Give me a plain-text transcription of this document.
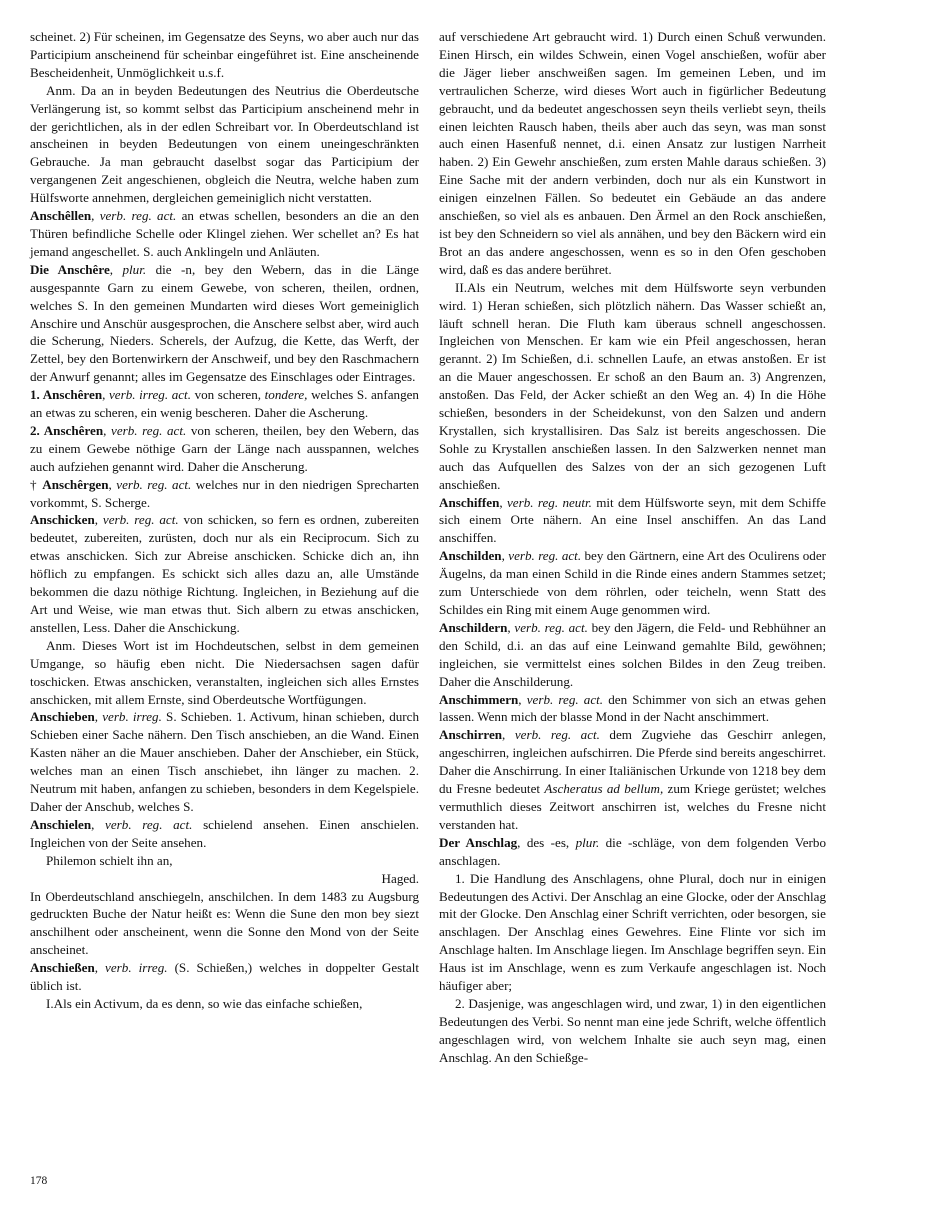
scheinet. 2) Für scheinen, im Gegensatze des Seyns, wo aber auch nur das Participium anscheinend für scheinbar eingeführet ist. Eine anscheinende Bescheidenheit, Unmöglichkeit u.s.f.

Anm. Da an in beyden Bedeutungen des Neutrius die Oberdeutsche Verlängerung ist, so kommt selbst das Participium anscheinend mehr in der gerichtlichen, als in der edlen Schreibart vor. In Oberdeutschland ist anscheinen in beyden Bedeutungen von einem uneingeschränkten Gebrauche. Ja man gebraucht daselbst sogar das Participium der vergangenen Zeit angeschienen, obgleich die Neutra, welche haben zum Hülfsworte annehmen, dergleichen gemeiniglich nicht verstatten.

Anschêllen, verb. reg. act. an etwas schellen, besonders an die an den Thüren befindliche Schelle oder Klingel ziehen. Wer schellet an? Es hat jemand angeschellet. S. auch Anklingeln und Anläuten.

Die Anschêre, plur. die -n, bey den Webern, das in die Länge ausgespannte Garn zu einem Gewebe, von scheren, theilen, ordnen, welches S. In den gemeinen Mundarten wird dieses Wort gemeiniglich Anschire und Anschür ausgesprochen, die Anschere selbst aber, wird auch die Scherung, Nieders. Scherels, der Aufzug, die Kette, das Werft, der Zettel, bey den Bortenwirkern der Anschweif, und bey den Raschmachern der Anwurf genannt; alles im Gegensatze des Einschlages oder Eintrages.

1. Anschêren, verb. irreg. act. von scheren, tondere, welches S. anfangen an etwas zu scheren, ein wenig bescheren. Daher die Ascherung.

2. Anschêren, verb. reg. act. von scheren, theilen, bey den Webern, das zu einem Gewebe nöthige Garn der Länge nach ausspannen, welches auch aufziehen genannt wird. Daher die Anscherung.

† Anschêrgen, verb. reg. act. welches nur in den niedrigen Sprecharten vorkommt, S. Scherge.

Anschicken, verb. reg. act. von schicken, so fern es ordnen, zubereiten bedeutet, zubereiten, zurüsten, doch nur als ein Reciprocum. Sich zu etwas anschicken. Sich zur Abreise anschicken. Schicke dich an, ihn höflich zu empfangen. Es schickt sich alles dazu an, alle Umstände bekommen die dazu nöthige Richtung. Ingleichen, in Beziehung auf die Art und Weise, wie man etwas thut. Sich albern zu etwas anschicken, anstellen, Less. Daher die Anschickung.

Anm. Dieses Wort ist im Hochdeutschen, selbst in dem gemeinen Umgange, so häufig eben nicht. Die Niedersachsen sagen dafür toschicken. Etwas anschicken, veranstalten, ingleichen sich alles Ernstes anschicken, mit allem Ernste, sind Oberdeutsche Wortfügungen.

Anschieben, verb. irreg. S. Schieben. 1. Activum, hinan schieben, durch Schieben einer Sache nähern. Den Tisch anschieben, an die Wand. Einen Kasten näher an die Mauer anschieben. Daher der Anschieber, ein Stück, welches man an einen Tisch anschiebet, ihn länger zu machen. 2. Neutrum mit haben, anfangen zu schieben, besonders in dem Kegelspiele. Daher der Anschub, welches S.

Anschielen, verb. reg. act. schielend ansehen. Einen anschielen. Ingleichen von der Seite ansehen.

Philemon schielt ihn an,

Haged.

In Oberdeutschland anschiegeln, anschilchen. In dem 1483 zu Augsburg gedruckten Buche der Natur heißt es: Wenn die Sune den mon bey siezt anschilhent oder anscheinent, wenn die Sonne den Mond von der Seite anscheinet.

Anschießen, verb. irreg. (S. Schießen,) welches in doppelter Gestalt üblich ist.

I.Als ein Activum, da es denn, so wie das einfache schießen,

auf verschiedene Art gebraucht wird. 1) Durch einen Schuß verwunden. Einen Hirsch, ein wildes Schwein, einen Vogel anschießen, wofür aber die Jäger lieber anschweißen sagen. Im gemeinen Leben, und im vertraulichen Scherze, wird dieses Wort auch in figürlicher Bedeutung gebraucht, und da bedeutet angeschossen seyn theils verliebt seyn, theils einen leichten Rausch haben, theils aber auch das seyn, was man sonst auch einen Hasenfuß nennet, d.i. einen Ansatz zur lustigen Narrheit haben. 2) Ein Gewehr anschießen, zum ersten Mahle daraus schießen. 3) Eine Sache mit der andern verbinden, doch nur als ein Kunstwort in einigen einzelnen Fällen. So bedeutet ein Gebäude an das andere anschießen, so viel als es anbauen. Den Ärmel an den Rock anschießen, ist bey den Schneidern so viel als annähen, und bey den Bäckern wird ein Brot an das andere angeschossen, wenn es so in den Ofen geschoben wird, daß es das andere berühret.

II.Als ein Neutrum, welches mit dem Hülfsworte seyn verbunden wird. 1) Heran schießen, sich plötzlich nähern. Das Wasser schießt an, läuft schnell heran. Die Fluth kam überaus schnell angeschossen. Ingleichen von Menschen. Er kam wie ein Pfeil angeschossen, heran gerannt. 2) Im Schießen, d.i. schnellen Laufe, an etwas anstoßen. Er ist an die Mauer angeschossen. Er schoß an den Baum an. 3) Angrenzen, anstoßen. Das Feld, der Acker schießt an den Weg an. 4) In die Höhe schießen, besonders in der Scheidekunst, von den Salzen und andern Krystallen, sich krystallisiren. Das Salz ist bereits angeschossen. Die Sohle zu Krystallen anschießen lassen. In den Salzwerken nennet man auch das Aufquellen des Salzes von der an sich gezogenen Luft anschießen.

Anschiffen, verb. reg. neutr. mit dem Hülfsworte seyn, mit dem Schiffe sich einem Orte nähern. An eine Insel anschiffen. An das Land anschiffen.

Anschilden, verb. reg. act. bey den Gärtnern, eine Art des Oculirens oder Äugelns, da man einen Schild in die Rinde eines andern Stammes setzet; zum Unterschiede von dem röhrlen, oder teicheln, wenn Statt des Schildes ein Ring mit einem Auge genommen wird.

Anschildern, verb. reg. act. bey den Jägern, die Feld- und Rebhühner an den Schild, d.i. an das auf eine Leinwand gemahlte Bild, gewöhnen; ingleichen, sie vermittelst eines solchen Bildes in den Zeug treiben. Daher die Anschilderung.

Anschimmern, verb. reg. act. den Schimmer von sich an etwas gehen lassen. Wenn mich der blasse Mond in der Nacht anschimmert.

Anschirren, verb. reg. act. dem Zugviehe das Geschirr anlegen, angeschirren, ingleichen aufschirren. Die Pferde sind bereits angeschirret. Daher die Anschirrung. In einer Italiänischen Urkunde von 1218 bey dem du Fresne bedeutet Ascheratus ad bellum, zum Kriege gerüstet; welches vermuthlich dieses Zeitwort anschirren ist, welches du Fresne nicht verstanden hat.

Der Anschlag, des -es, plur. die -schläge, von dem folgenden Verbo anschlagen.

1. Die Handlung des Anschlagens, ohne Plural, doch nur in einigen Bedeutungen des Activi. Der Anschlag an eine Glocke, oder der Anschlag mit der Glocke. Den Anschlag einer Schrift verrichten, oder besorgen, sie anschlagen. Der Anschlag eines Gewehres. Eine Flinte vor sich im Anschlage halten. Im Anschlage liegen. Im Anschlage begriffen seyn. Ein Haus ist im Anschlage, wenn es zum Verkaufe angeschlagen ist. Noch häufiger aber;

2. Dasjenige, was angeschlagen wird, und zwar, 1) in den eigentlichen Bedeutungen des Verbi. So nennt man eine jede Schrift, welche öffentlich angeschlagen wird, von welchem Inhalte sie auch seyn mag, einen Anschlag. An den Schießge-

178
